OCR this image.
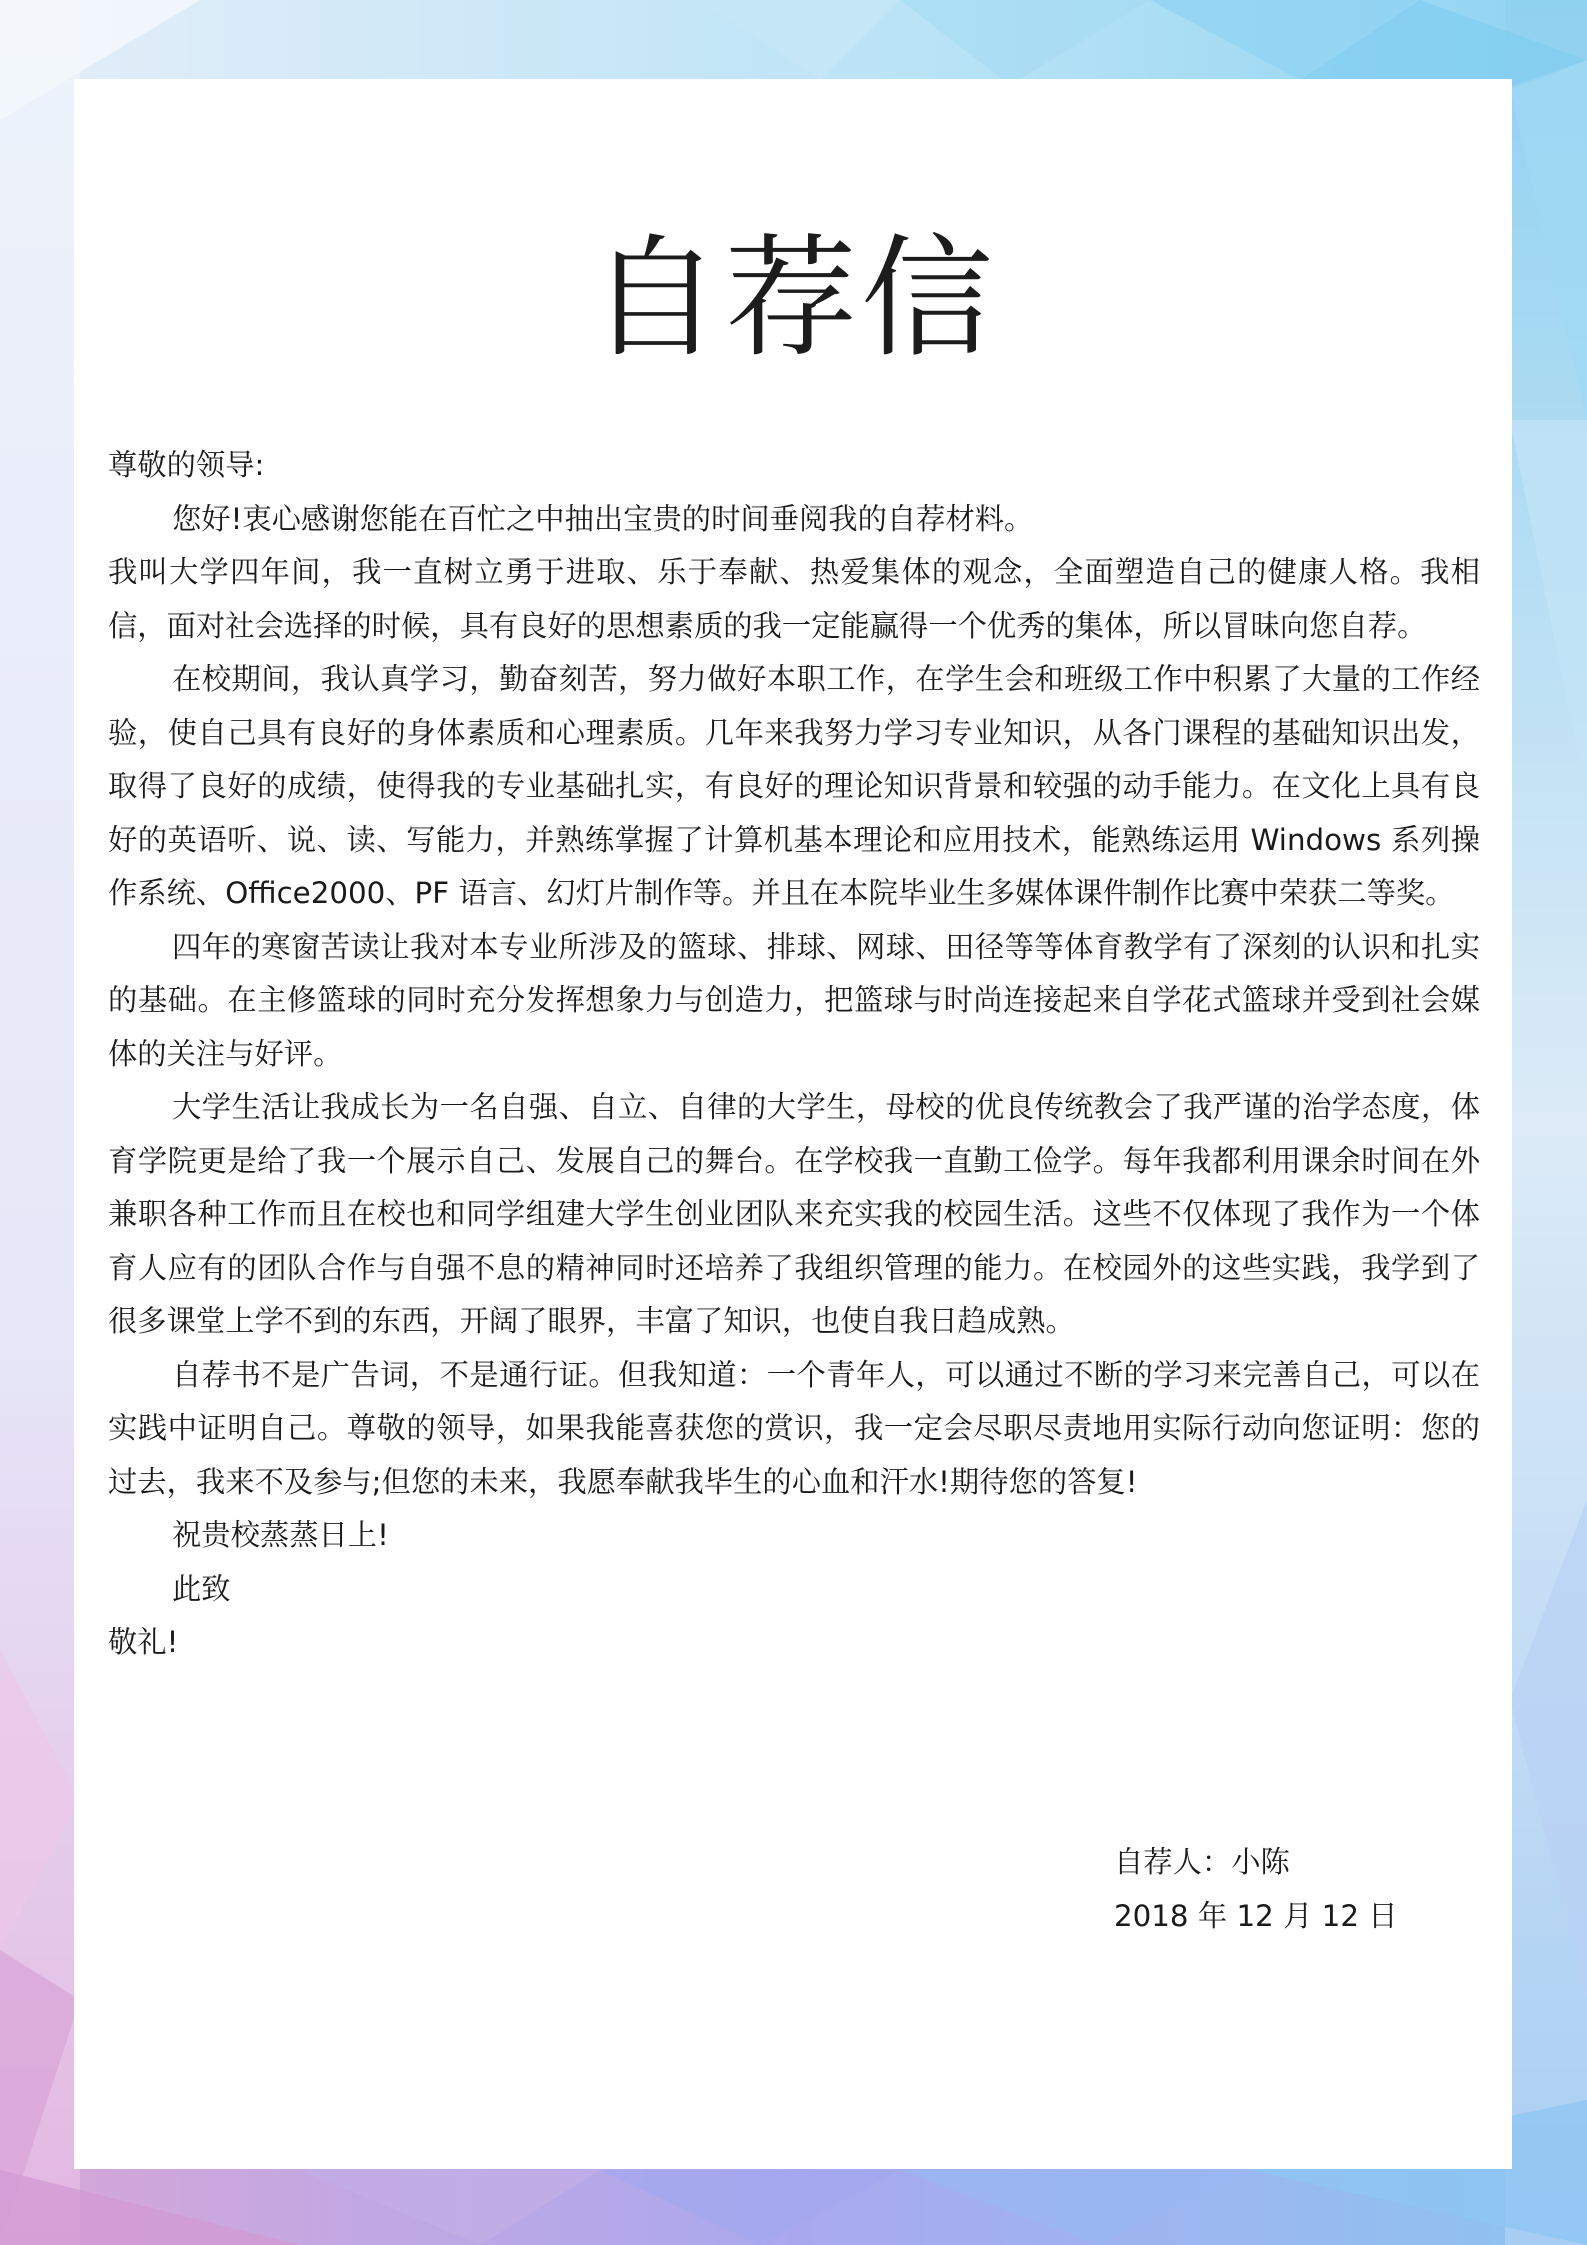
自荐信

尊敬的领导:

您好!衷心感谢您能在百忙之中抽出宝贵的时间垂阅我的自荐材料。

我叫大学四年间，我一直树立勇于进取、乐于奉献、热爱集体的观念，全面塑造自己的健康人格。我相信，面对社会选择的时候，具有良好的思想素质的我一定能赢得一个优秀的集体，所以冒昧向您自荐。

在校期间，我认真学习，勤奋刻苦，努力做好本职工作，在学生会和班级工作中积累了大量的工作经验，使自己具有良好的身体素质和心理素质。几年来我努力学习专业知识，从各门课程的基础知识出发，取得了良好的成绩，使得我的专业基础扎实，有良好的理论知识背景和较强的动手能力。在文化上具有良好的英语听、说、读、写能力，并熟练掌握了计算机基本理论和应用技术，能熟练运用 Windows 系列操作系统、Office2000、PF 语言、幻灯片制作等。并且在本院毕业生多媒体课件制作比赛中荣获二等奖。

四年的寒窗苦读让我对本专业所涉及的篮球、排球、网球、田径等等体育教学有了深刻的认识和扎实的基础。在主修篮球的同时充分发挥想象力与创造力，把篮球与时尚连接起来自学花式篮球并受到社会媒体的关注与好评。

大学生活让我成长为一名自强、自立、自律的大学生，母校的优良传统教会了我严谨的治学态度，体育学院更是给了我一个展示自己、发展自己的舞台。在学校我一直勤工俭学。每年我都利用课余时间在外兼职各种工作而且在校也和同学组建大学生创业团队来充实我的校园生活。这些不仅体现了我作为一个体育人应有的团队合作与自强不息的精神同时还培养了我组织管理的能力。在校园外的这些实践，我学到了很多课堂上学不到的东西，开阔了眼界，丰富了知识，也使自我日趋成熟。

自荐书不是广告词，不是通行证。但我知道：一个青年人，可以通过不断的学习来完善自己，可以在实践中证明自己。尊敬的领导，如果我能喜获您的赏识，我一定会尽职尽责地用实际行动向您证明：您的过去，我来不及参与;但您的未来，我愿奉献我毕生的心血和汗水!期待您的答复!

祝贵校蒸蒸日上!

此致

敬礼!

自荐人：小陈
2018 年 12 月 12 日
